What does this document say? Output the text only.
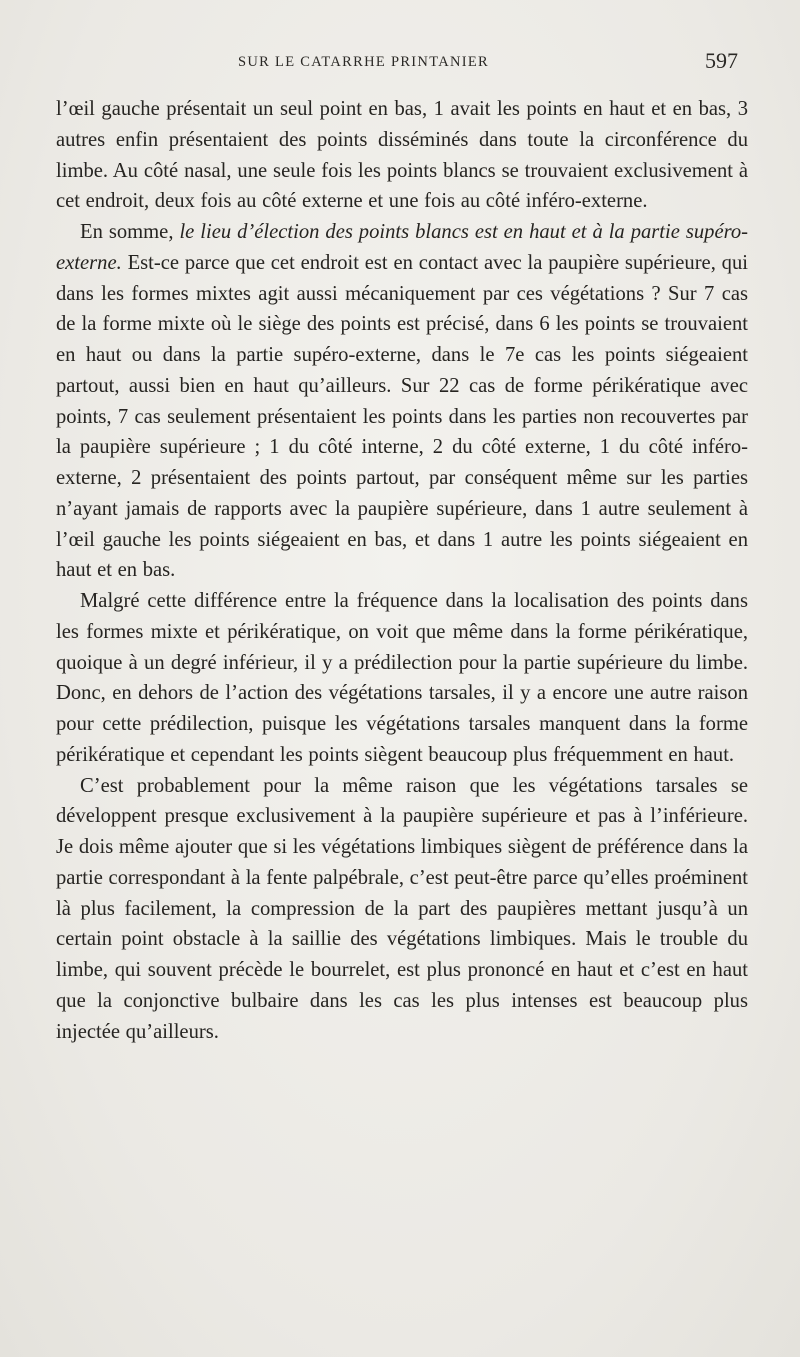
SUR LE CATARRHE PRINTANIER	597

l’œil gauche présentait un seul point en bas, 1 avait les points en haut et en bas, 3 autres enfin présentaient des points disséminés dans toute la circonférence du limbe. Au côté nasal, une seule fois les points blancs se trouvaient exclusivement à cet endroit, deux fois au côté externe et une fois au côté inféro-externe.

En somme, le lieu d’élection des points blancs est en haut et à la partie supéro-externe. Est-ce parce que cet endroit est en contact avec la paupière supérieure, qui dans les formes mixtes agit aussi mécaniquement par ces végétations ? Sur 7 cas de la forme mixte où le siège des points est précisé, dans 6 les points se trouvaient en haut ou dans la partie supéro-externe, dans le 7e cas les points siégeaient partout, aussi bien en haut qu’ailleurs. Sur 22 cas de forme périkératique avec points, 7 cas seulement présentaient les points dans les parties non recouvertes par la paupière supérieure ; 1 du côté interne, 2 du côté externe, 1 du côté inféro-externe, 2 présentaient des points partout, par conséquent même sur les parties n’ayant jamais de rapports avec la paupière supérieure, dans 1 autre seulement à l’œil gauche les points siégeaient en bas, et dans 1 autre les points siégeaient en haut et en bas.

Malgré cette différence entre la fréquence dans la localisation des points dans les formes mixte et périkératique, on voit que même dans la forme périkératique, quoique à un degré inférieur, il y a prédilection pour la partie supérieure du limbe. Donc, en dehors de l’action des végétations tarsales, il y a encore une autre raison pour cette prédilection, puisque les végétations tarsales manquent dans la forme périkératique et cependant les points siègent beaucoup plus fréquemment en haut.

C’est probablement pour la même raison que les végétations tarsales se développent presque exclusivement à la paupière supérieure et pas à l’inférieure. Je dois même ajouter que si les végétations limbiques siègent de préférence dans la partie correspondant à la fente palpébrale, c’est peut-être parce qu’elles proéminent là plus facilement, la compression de la part des paupières mettant jusqu’à un certain point obstacle à la saillie des végétations limbiques. Mais le trouble du limbe, qui souvent précède le bourrelet, est plus prononcé en haut et c’est en haut que la conjonctive bulbaire dans les cas les plus intenses est beaucoup plus injectée qu’ailleurs.
